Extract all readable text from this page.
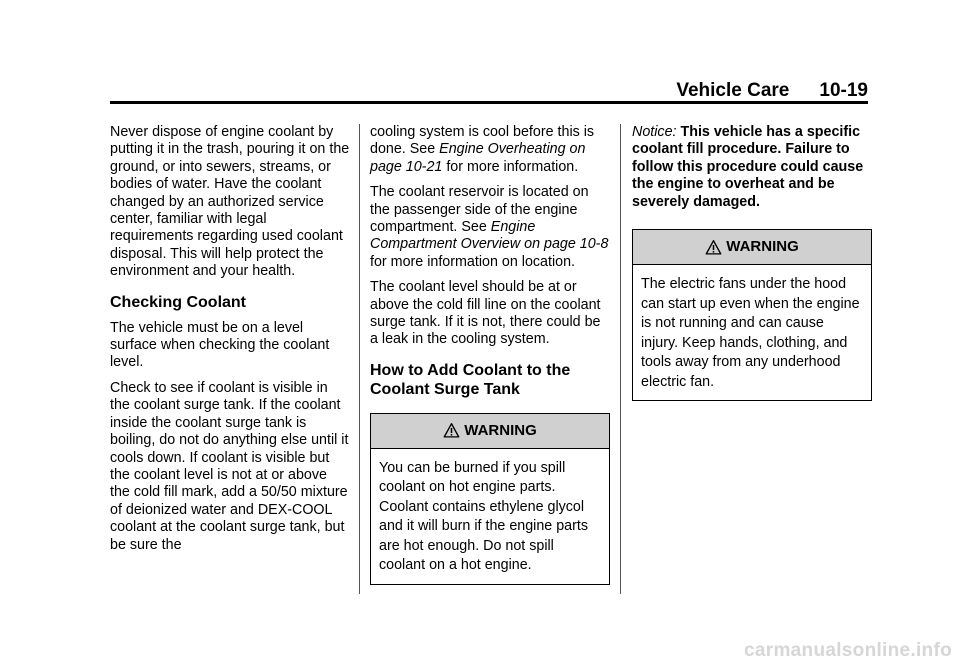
Vehicle Care 10-19

Never dispose of engine coolant by putting it in the trash, pouring it on the ground, or into sewers, streams, or bodies of water. Have the coolant changed by an authorized service center, familiar with legal requirements regarding used coolant disposal. This will help protect the environment and your health.

Checking Coolant

The vehicle must be on a level surface when checking the coolant level.

Check to see if coolant is visible in the coolant surge tank. If the coolant inside the coolant surge tank is boiling, do not do anything else until it cools down. If coolant is visible but the coolant level is not at or above the cold fill mark, add a 50/50 mixture of deionized water and DEX-COOL coolant at the coolant surge tank, but be sure the

cooling system is cool before this is done. See Engine Overheating on page 10-21 for more information.

The coolant reservoir is located on the passenger side of the engine compartment. See Engine Compartment Overview on page 10-8 for more information on location.

The coolant level should be at or above the cold fill line on the coolant surge tank. If it is not, there could be a leak in the cooling system.

How to Add Coolant to the Coolant Surge Tank
WARNING
You can be burned if you spill coolant on hot engine parts. Coolant contains ethylene glycol and it will burn if the engine parts are hot enough. Do not spill coolant on a hot engine.

Notice: This vehicle has a specific coolant fill procedure. Failure to follow this procedure could cause the engine to overheat and be severely damaged.

WARNING
The electric fans under the hood can start up even when the engine is not running and can cause injury. Keep hands, clothing, and tools away from any underhood electric fan.
carmanualsonline.info
